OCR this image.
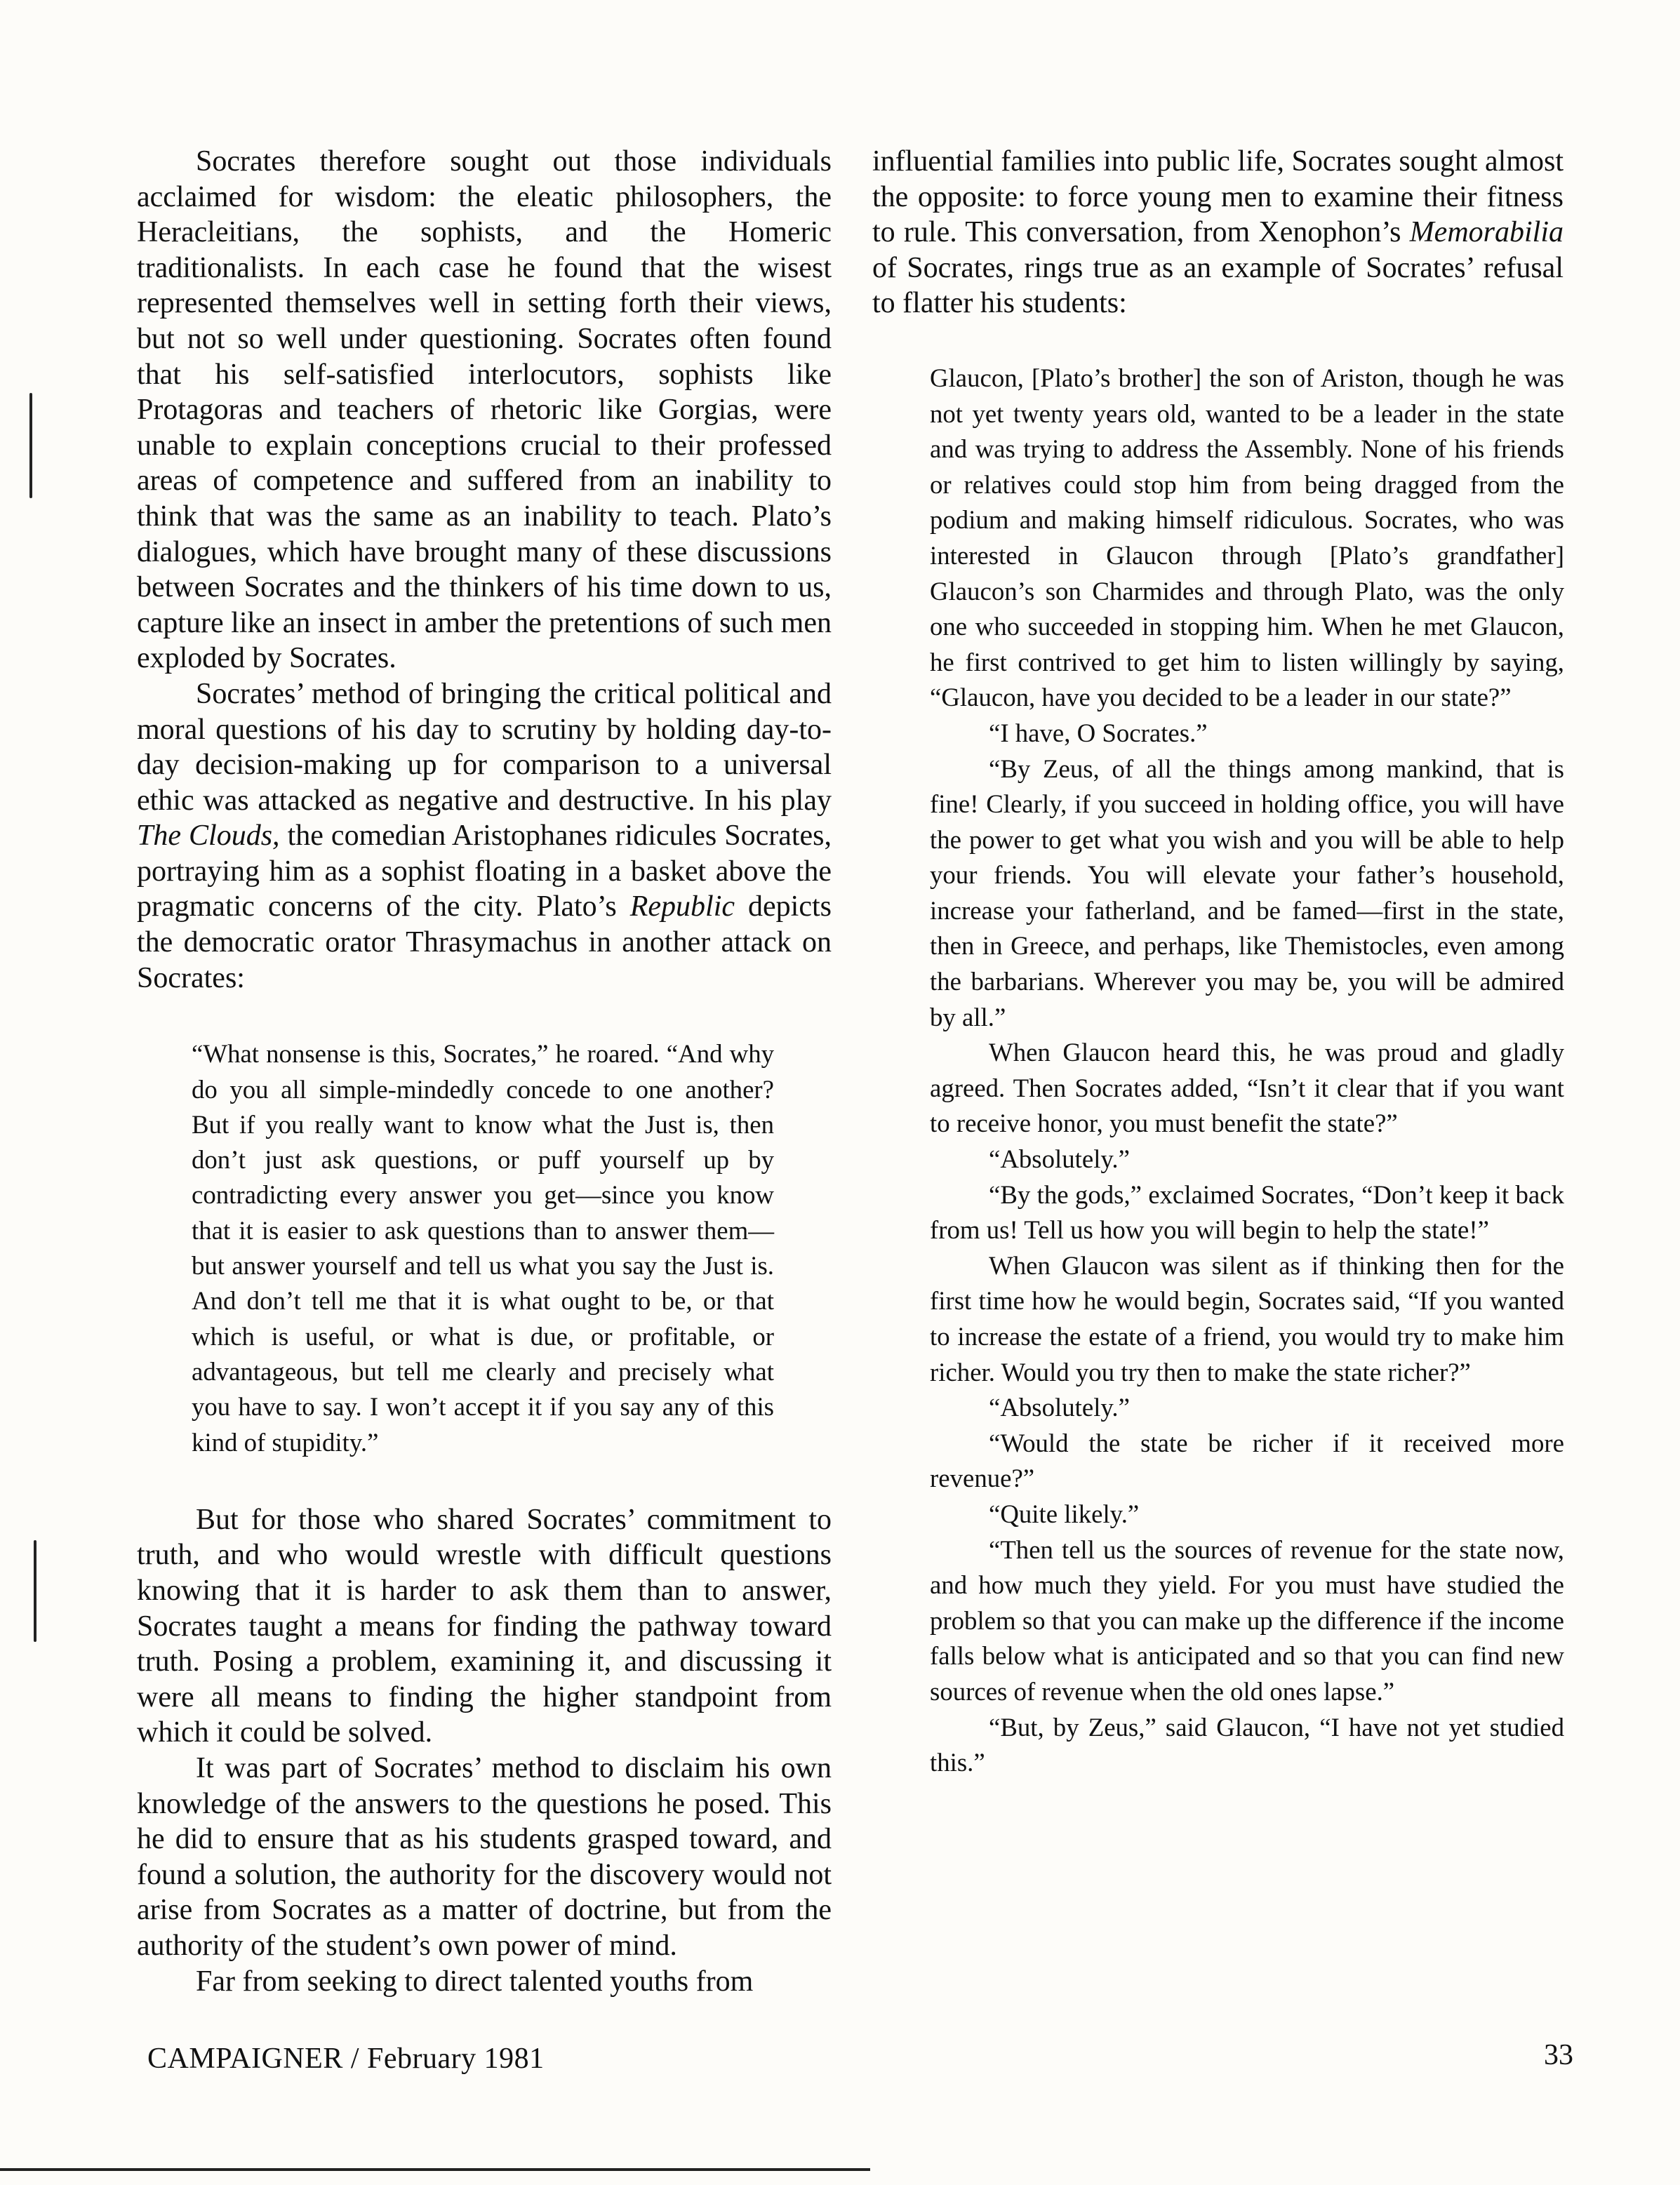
Socrates therefore sought out those individuals acclaimed for wisdom: the eleatic philosophers, the Heracleitians, the sophists, and the Homeric traditionalists. In each case he found that the wisest represented themselves well in setting forth their views, but not so well under questioning. Socrates often found that his self-satisfied interlocutors, sophists like Protagoras and teachers of rhetoric like Gorgias, were unable to explain conceptions crucial to their professed areas of competence and suffered from an inability to think that was the same as an inability to teach. Plato’s dialogues, which have brought many of these discussions between Socrates and the thinkers of his time down to us, capture like an insect in amber the pretentions of such men exploded by Socrates.

Socrates’ method of bringing the critical political and moral questions of his day to scrutiny by holding day-to-day decision-making up for comparison to a universal ethic was attacked as negative and destructive. In his play The Clouds, the comedian Aristophanes ridicules Socrates, portraying him as a sophist floating in a basket above the pragmatic concerns of the city. Plato’s Republic depicts the democratic orator Thrasymachus in another attack on Socrates:

“What nonsense is this, Socrates,” he roared. “And why do you all simple-mindedly concede to one another? But if you really want to know what the Just is, then don’t just ask questions, or puff yourself up by contradicting every answer you get—since you know that it is easier to ask questions than to answer them—but answer yourself and tell us what you say the Just is. And don’t tell me that it is what ought to be, or that which is useful, or what is due, or profitable, or advantageous, but tell me clearly and precisely what you have to say. I won’t accept it if you say any of this kind of stupidity.”

But for those who shared Socrates’ commitment to truth, and who would wrestle with difficult questions knowing that it is harder to ask them than to answer, Socrates taught a means for finding the pathway toward truth. Posing a problem, examining it, and discussing it were all means to finding the higher standpoint from which it could be solved.

It was part of Socrates’ method to disclaim his own knowledge of the answers to the questions he posed. This he did to ensure that as his students grasped toward, and found a solution, the authority for the discovery would not arise from Socrates as a matter of doctrine, but from the authority of the student’s own power of mind.

Far from seeking to direct talented youths from

influential families into public life, Socrates sought almost the opposite: to force young men to examine their fitness to rule. This conversation, from Xenophon’s Memorabilia of Socrates, rings true as an example of Socrates’ refusal to flatter his students:

Glaucon, [Plato’s brother] the son of Ariston, though he was not yet twenty years old, wanted to be a leader in the state and was trying to address the Assembly. None of his friends or relatives could stop him from being dragged from the podium and making himself ridiculous. Socrates, who was interested in Glaucon through [Plato’s grandfather] Glaucon’s son Charmides and through Plato, was the only one who succeeded in stopping him. When he met Glaucon, he first contrived to get him to listen willingly by saying, “Glaucon, have you decided to be a leader in our state?”

“I have, O Socrates.”

“By Zeus, of all the things among mankind, that is fine! Clearly, if you succeed in holding office, you will have the power to get what you wish and you will be able to help your friends. You will elevate your father’s household, increase your fatherland, and be famed—first in the state, then in Greece, and perhaps, like Themistocles, even among the barbarians. Wherever you may be, you will be admired by all.”

When Glaucon heard this, he was proud and gladly agreed. Then Socrates added, “Isn’t it clear that if you want to receive honor, you must benefit the state?”

“Absolutely.”

“By the gods,” exclaimed Socrates, “Don’t keep it back from us! Tell us how you will begin to help the state!”

When Glaucon was silent as if thinking then for the first time how he would begin, Socrates said, “If you wanted to increase the estate of a friend, you would try to make him richer. Would you try then to make the state richer?”

“Absolutely.”

“Would the state be richer if it received more revenue?”

“Quite likely.”

“Then tell us the sources of revenue for the state now, and how much they yield. For you must have studied the problem so that you can make up the difference if the income falls below what is anticipated and so that you can find new sources of revenue when the old ones lapse.”

“But, by Zeus,” said Glaucon, “I have not yet studied this.”

CAMPAIGNER / February 1981	33
